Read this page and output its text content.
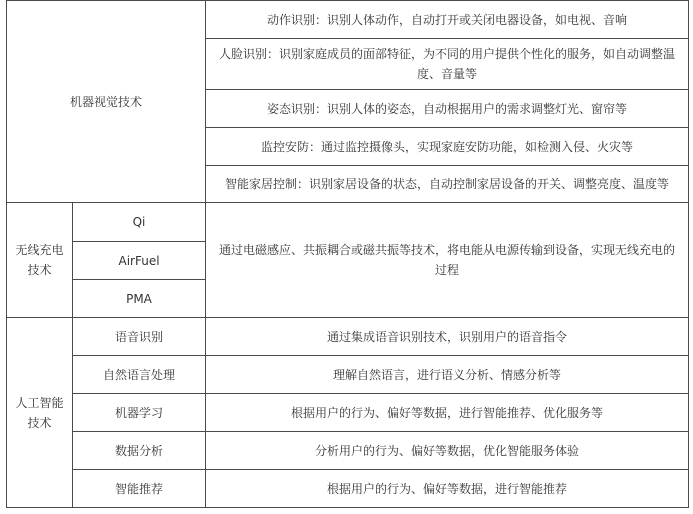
机器视觉技术		动作识别：识别人体动作，自动打开或关闭电器设备，如电视、音响
		人脸识别：识别家庭成员的面部特征，为不同的用户提供个性化的服务，如自动调整温度、音量等
		姿态识别：识别人体的姿态，自动根据用户的需求调整灯光、窗帘等
		监控安防：通过监控摄像头，实现家庭安防功能，如检测入侵、火灾等
		智能家居控制：识别家居设备的状态，自动控制家居设备的开关、调整亮度、温度等
无线充电技术	Qi	通过电磁感应、共振耦合或磁共振等技术，将电能从电源传输到设备，实现无线充电的过程
	AirFuel	
	PMA	
人工智能技术	语音识别	通过集成语音识别技术，识别用户的语音指令
	自然语言处理	理解自然语言，进行语义分析、情感分析等
	机器学习	根据用户的行为、偏好等数据，进行智能推荐、优化服务等
	数据分析	分析用户的行为、偏好等数据，优化智能服务体验
	智能推荐	根据用户的行为、偏好等数据，进行智能推荐
